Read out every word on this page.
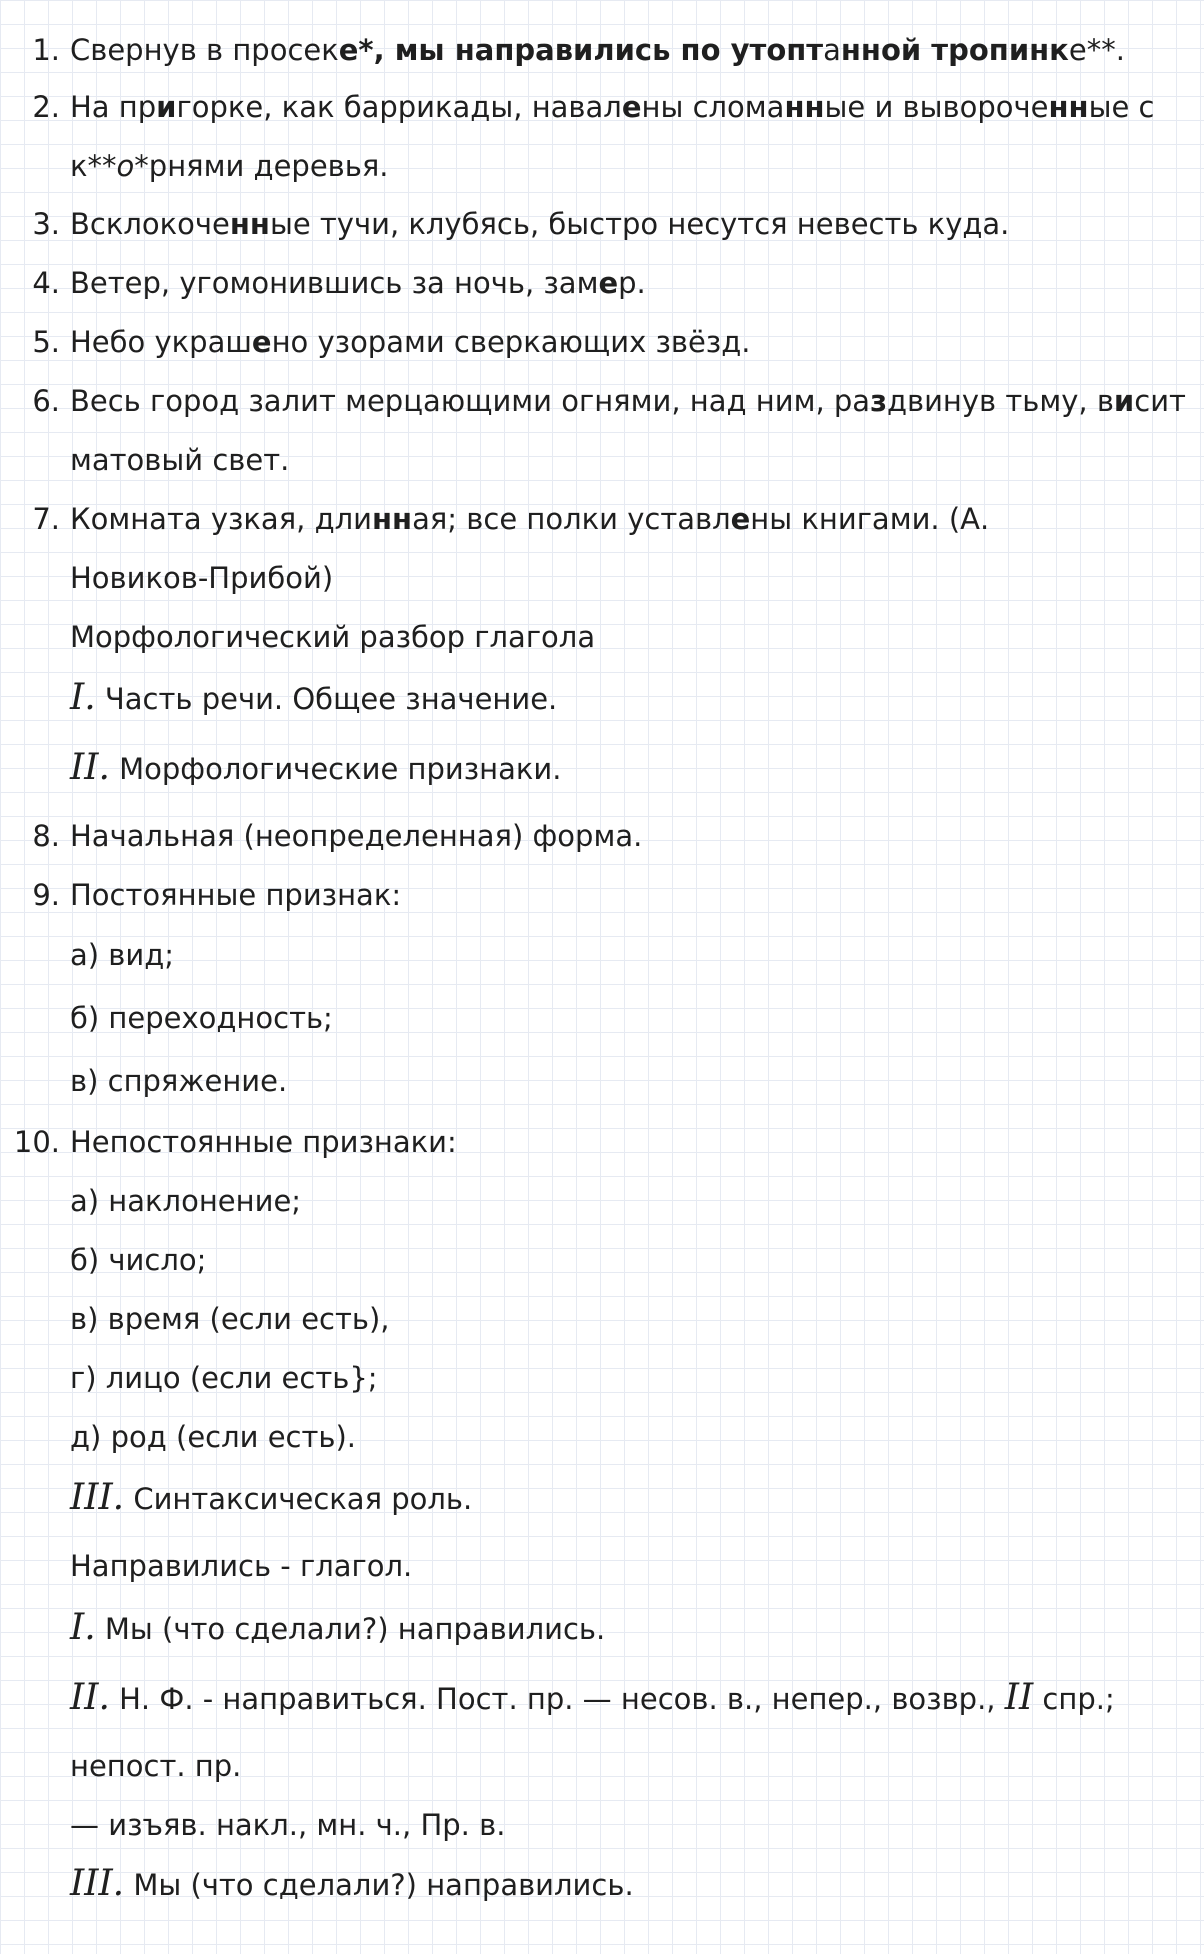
1. Свернув в просеке*, мы направились по утоптанной тропинке**.
2. На пригорке, как баррикады, навалены сломанные и вывороченные с
к**о*рнями деревья.
3. Всклокоченные тучи, клубясь, быстро несутся невесть куда.
4. Ветер, угомонившись за ночь, замер.
5. Небо украшено узорами сверкающих звёзд.
6. Весь город залит мерцающими огнями, над ним, раздвинув тьму, висит
матовый свет.
7. Комната узкая, длинная; все полки уставлены книгами. (А.
Новиков-Прибой)
Морфологический разбор глагола
I. Часть речи. Общее значение.
II. Морфологические признаки.
8. Начальная (неопределенная) форма.
9. Постоянные признак:
а) вид;
б) переходность;
в) спряжение.
10. Непостоянные признаки:
а) наклонение;
б) число;
в) время (если есть),
г) лицо (если есть};
д) род (если есть).
III. Синтаксическая роль.
Направились - глагол.
I. Мы (что сделали?) направились.
II. Н. Ф. - направиться. Пост. пр. — несов. в., непер., возвр., II спр.;
непост. пр.
— изъяв. накл., мн. ч., Пр. в.
III. Мы (что сделали?) направились.
